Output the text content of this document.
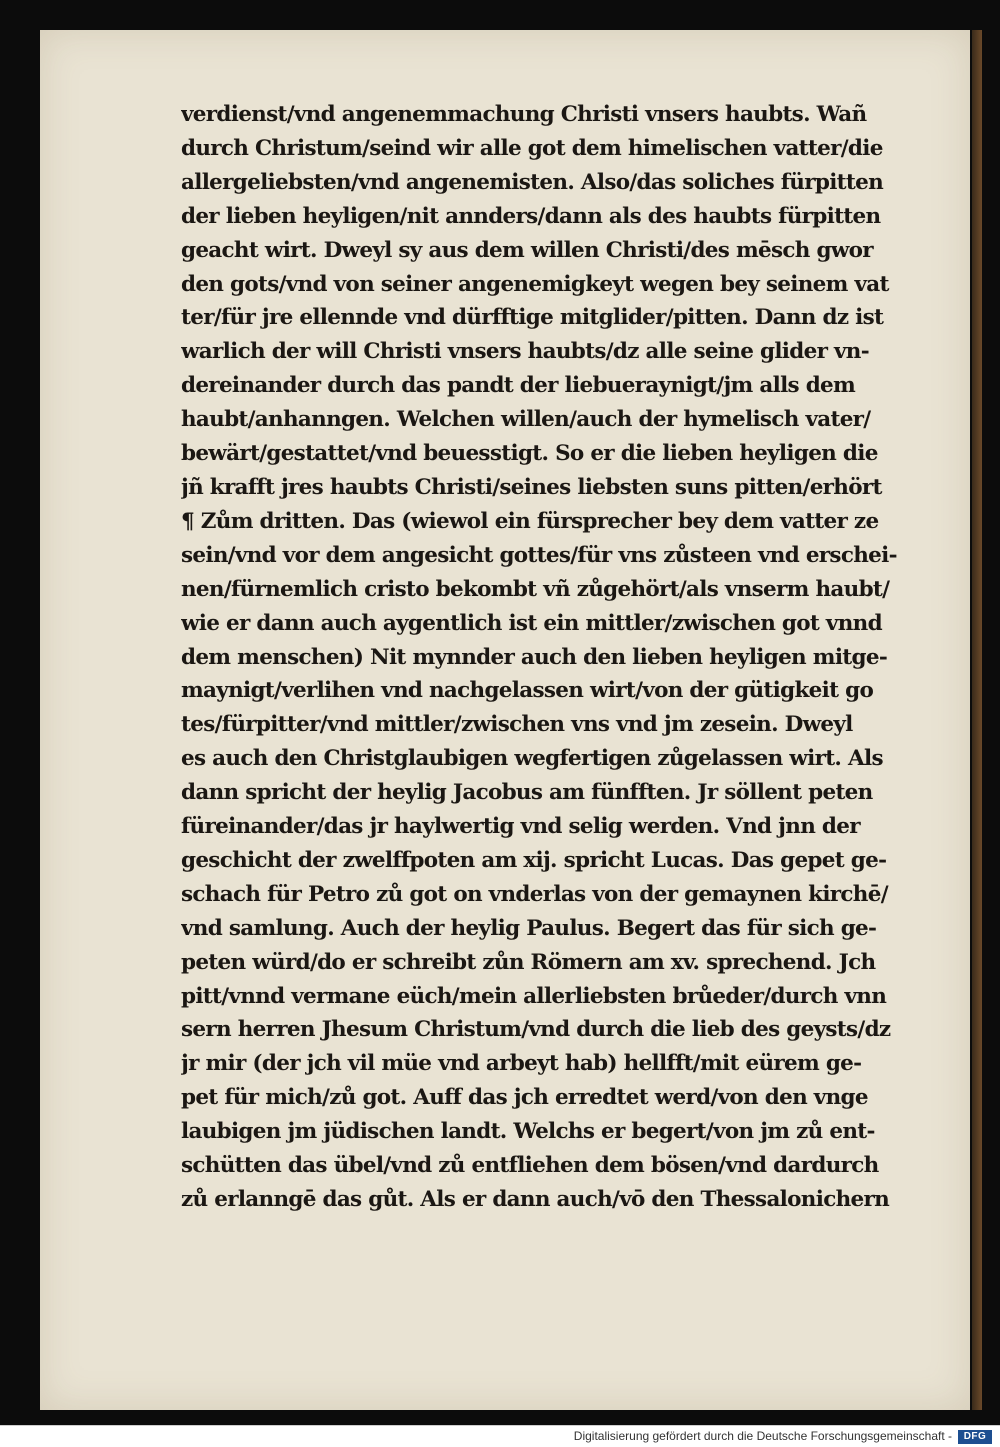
verdienst/vnd angenemmachung Christi vnsers haubts. Wañ
durch Christum/seind wir alle got dem himelischen vatter/die
allergeliebsten/vnd angenemisten. Also/das soliches fürpitten
der lieben heyligen/nit annders/dann als des haubts fürpitten
geacht wirt. Dweyl sy aus dem willen Christi/des mēsch gwor
den gots/vnd von seiner angenemigkeyt wegen bey seinem vat
ter/für jre ellennde vnd dürfftige mitglider/pitten. Dann dz ist
warlich der will Christi vnsers haubts/dz alle seine glider vn-
dereinander durch das pandt der liebueraynigt/jm alls dem
haubt/anhanngen. Welchen willen/auch der hymelisch vater/
bewärt/gestattet/vnd beuesstigt. So er die lieben heyligen die
jñ krafft jres haubts Christi/seines liebsten suns pitten/erhört
¶ Zům dritten. Das (wiewol ein fürsprecher bey dem vatter ze
sein/vnd vor dem angesicht gottes/für vns zůsteen vnd erschei-
nen/fürnemlich cristo bekombt vñ zůgehört/als vnserm haubt/
wie er dann auch aygentlich ist ein mittler/zwischen got vnnd
dem menschen) Nit mynnder auch den lieben heyligen mitge-
maynigt/verlihen vnd nachgelassen wirt/von der gütigkeit go
tes/fürpitter/vnd mittler/zwischen vns vnd jm zesein. Dweyl
es auch den Christglaubigen wegfertigen zůgelassen wirt. Als
dann spricht der heylig Jacobus am fünfften. Jr söllent peten
füreinander/das jr haylwertig vnd selig werden. Vnd jnn der
geschicht der zwelffpoten am xij. spricht Lucas. Das gepet ge-
schach für Petro zů got on vnderlas von der gemaynen kirchē/
vnd samlung. Auch der heylig Paulus. Begert das für sich ge-
peten würd/do er schreibt zůn Römern am xv. sprechend. Jch
pitt/vnnd vermane eüch/mein allerliebsten brůeder/durch vnn
sern herren Jhesum Christum/vnd durch die lieb des geysts/dz
jr mir (der jch vil müe vnd arbeyt hab) hellfft/mit eürem ge-
pet für mich/zů got. Auff das jch erredtet werd/von den vnge
laubigen jm jüdischen landt. Welchs er begert/von jm zů ent-
schütten das übel/vnd zů entfliehen dem bösen/vnd dardurch
zů erlanngē das gůt. Als er dann auch/vō den Thessalonichern
Digitalisierung gefördert durch die Deutsche Forschungsgemeinschaft -	DFG
